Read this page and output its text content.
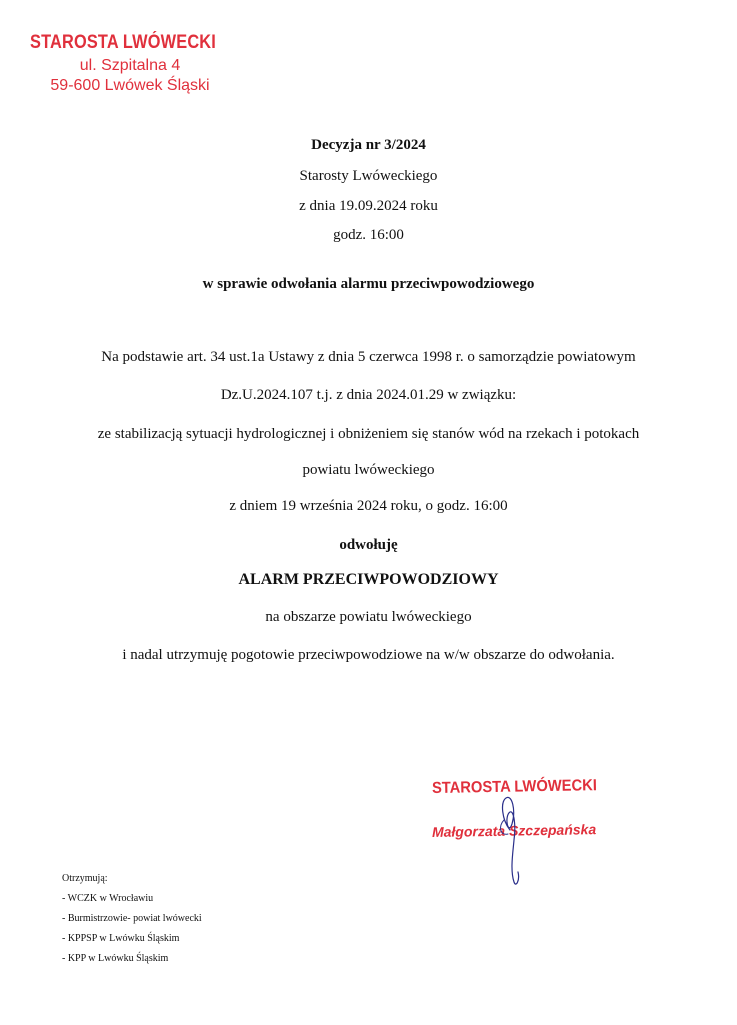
STAROSTA LWÓWECKI
ul. Szpitalna 4
59-600 Lwówek Śląski
Decyzja nr 3/2024
Starosty Lwóweckiego
z dnia 19.09.2024 roku
godz. 16:00
w sprawie odwołania alarmu przeciwpowodziowego
Na podstawie art. 34 ust.1a Ustawy z dnia 5 czerwca 1998 r. o samorządzie powiatowym
Dz.U.2024.107 t.j. z dnia 2024.01.29 w związku:
ze stabilizacją sytuacji hydrologicznej i obniżeniem się stanów wód na rzekach i potokach
powiatu lwóweckiego
z dniem 19 września 2024 roku, o godz. 16:00
odwołuję
ALARM PRZECIWPOWODZIOWY
na obszarze powiatu lwóweckiego
i nadal utrzymuję pogotowie przeciwpowodziowe na w/w obszarze do odwołania.
STAROSTA LWÓWECKI
Małgorzata Szczepańska
Otrzymują:
- WCZK w Wrocławiu
- Burmistrzowie- powiat lwówecki
- KPPSP w Lwówku Śląskim
- KPP w Lwówku Śląskim
